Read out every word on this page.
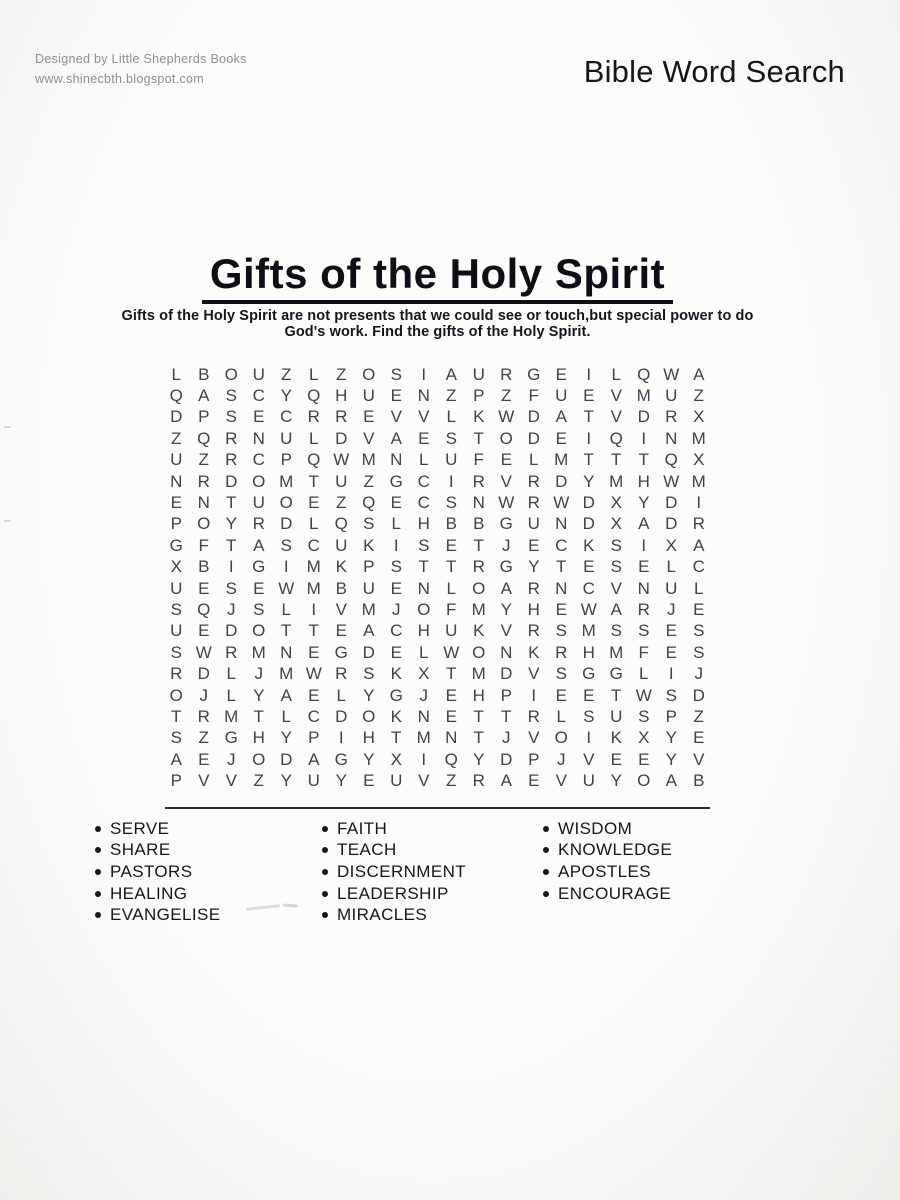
Designed by Little Shepherds Books
www.shinecbth.blogspot.com	Bible Word Search
Gifts of the Holy Spirit
Gifts of the Holy Spirit are not presents that we could see or touch,but special power to do
God's work. Find the gifts of the Holy Spirit.
L	B O U Z	L	Z O S	I	A U R G E	I	L Q W A
Q A S C Y Q H U E N Z P Z	F U E V M U Z
D P S E C R R E V V	L	K W D A T V D R X
Z Q R N U L D V A E S T O D E	I	Q	I	N M
U Z R C P Q W M N L U F E	L M T	T	T Q X
N R D O M T U Z G C	I	R V R D Y M H W M
E N T U O E Z Q E C S N W R W D X Y D	I
P O Y R D L Q S	L H B B G U N D X A D R
G F	T A S C U K	I	S E T	J	E C K S	I	X A
X B	I	G	I	M K P S T	T R G Y T E S E	L C
U E S E W M B U E N L O A R N C V N U L
S Q J	S	L	I	V M J O F M Y H E W A R	J	E
U E D O T	T E A C H U K V R S M S S E S
S W R M N E G D E	L W O N K R H M F E S
R D L	J M W R S K X T M D V S G G L	I	J
O J	L	Y A E	L	Y G J	E H P	I	E E T W S D
T R M T	L C D O K N E T	T R L	S U S P Z
S Z G H Y P	I	H T M N T	J	V O	I	K X Y E
A E	J O D A G Y X	I	Q Y D P	J	V E E Y V
P V V Z Y U Y E U V Z R A E V U Y O A B
SERVE
SHARE
PASTORS
HEALING
EVANGELISE
FAITH
TEACH
DISCERNMENT
LEADERSHIP
MIRACLES
WISDOM
KNOWLEDGE
APOSTLES
ENCOURAGE
